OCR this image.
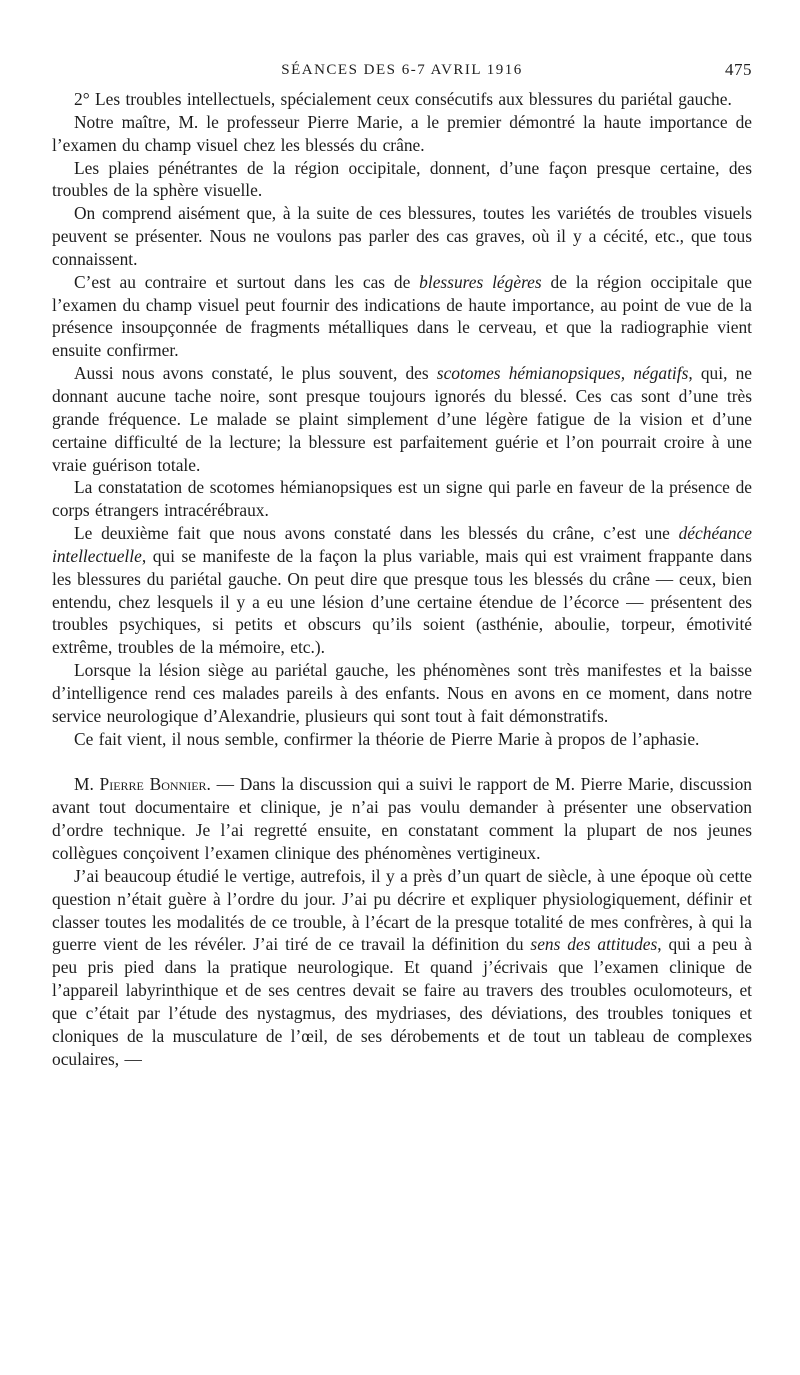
SÉANCES DES 6-7 AVRIL 1916	475

2° Les troubles intellectuels, spécialement ceux consécutifs aux blessures du pariétal gauche.

Notre maître, M. le professeur Pierre Marie, a le premier démontré la haute importance de l’examen du champ visuel chez les blessés du crâne.

Les plaies pénétrantes de la région occipitale, donnent, d’une façon presque certaine, des troubles de la sphère visuelle.

On comprend aisément que, à la suite de ces blessures, toutes les variétés de troubles visuels peuvent se présenter. Nous ne voulons pas parler des cas graves, où il y a cécité, etc., que tous connaissent.

C’est au contraire et surtout dans les cas de blessures légères de la région occipitale que l’examen du champ visuel peut fournir des indications de haute importance, au point de vue de la présence insoupçonnée de fragments métalliques dans le cerveau, et que la radiographie vient ensuite confirmer.

Aussi nous avons constaté, le plus souvent, des scotomes hémianopsiques, négatifs, qui, ne donnant aucune tache noire, sont presque toujours ignorés du blessé. Ces cas sont d’une très grande fréquence. Le malade se plaint simplement d’une légère fatigue de la vision et d’une certaine difficulté de la lecture; la blessure est parfaitement guérie et l’on pourrait croire à une vraie guérison totale.

La constatation de scotomes hémianopsiques est un signe qui parle en faveur de la présence de corps étrangers intracérébraux.

Le deuxième fait que nous avons constaté dans les blessés du crâne, c’est une déchéance intellectuelle, qui se manifeste de la façon la plus variable, mais qui est vraiment frappante dans les blessures du pariétal gauche. On peut dire que presque tous les blessés du crâne — ceux, bien entendu, chez lesquels il y a eu une lésion d’une certaine étendue de l’écorce — présentent des troubles psychiques, si petits et obscurs qu’ils soient (asthénie, aboulie, torpeur, émotivité extrême, troubles de la mémoire, etc.).

Lorsque la lésion siège au pariétal gauche, les phénomènes sont très manifestes et la baisse d’intelligence rend ces malades pareils à des enfants. Nous en avons en ce moment, dans notre service neurologique d’Alexandrie, plusieurs qui sont tout à fait démonstratifs.

Ce fait vient, il nous semble, confirmer la théorie de Pierre Marie à propos de l’aphasie.

M. Pierre Bonnier. — Dans la discussion qui a suivi le rapport de M. Pierre Marie, discussion avant tout documentaire et clinique, je n’ai pas voulu demander à présenter une observation d’ordre technique. Je l’ai regretté ensuite, en constatant comment la plupart de nos jeunes collègues conçoivent l’examen clinique des phénomènes vertigineux.

J’ai beaucoup étudié le vertige, autrefois, il y a près d’un quart de siècle, à une époque où cette question n’était guère à l’ordre du jour. J’ai pu décrire et expliquer physiologiquement, définir et classer toutes les modalités de ce trouble, à l’écart de la presque totalité de mes confrères, à qui la guerre vient de les révéler. J’ai tiré de ce travail la définition du sens des attitudes, qui a peu à peu pris pied dans la pratique neurologique. Et quand j’écrivais que l’examen clinique de l’appareil labyrinthique et de ses centres devait se faire au travers des troubles oculomoteurs, et que c’était par l’étude des nystagmus, des mydriases, des déviations, des troubles toniques et cloniques de la musculature de l’œil, de ses dérobements et de tout un tableau de complexes oculaires, —
